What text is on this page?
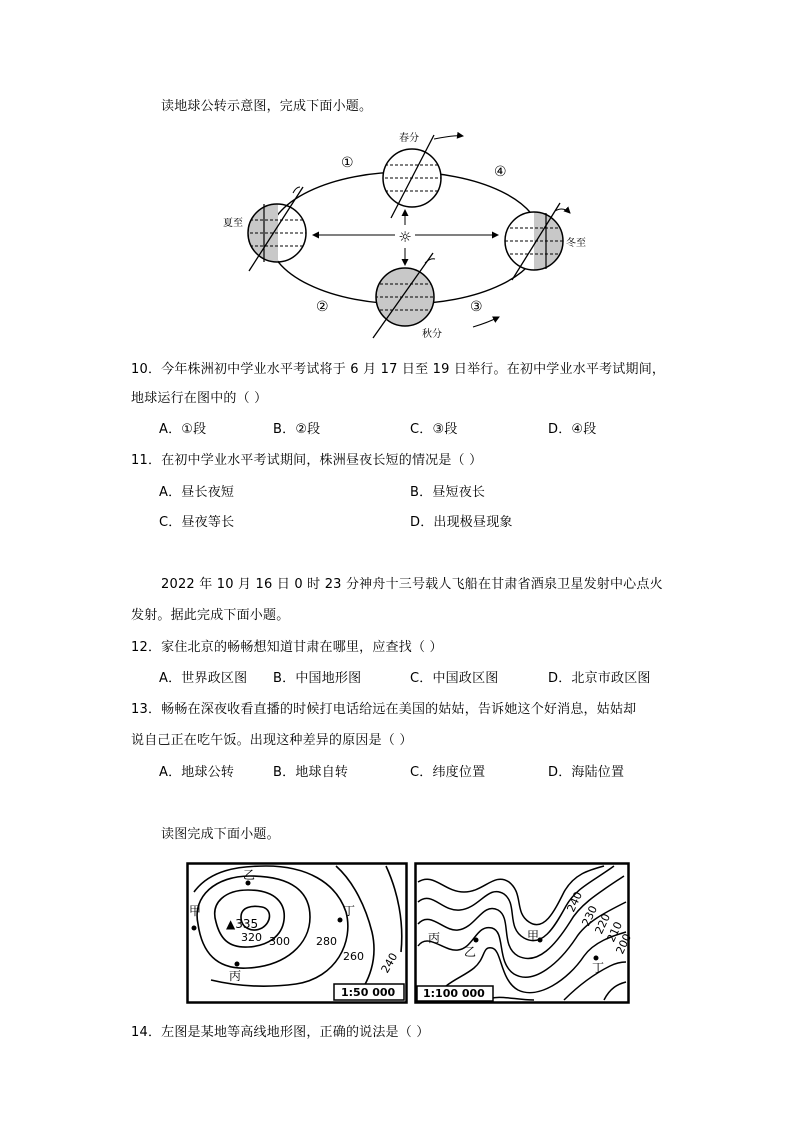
读地球公转示意图，完成下面小题。
☼
春分
夏至
秋分
冬至
①
②	③
④
10．今年株洲初中学业水平考试将于 6 月 17 日至 19 日举行。在初中学业水平考试期间，
地球运行在图中的（ ）
A．①段	B．②段	C．③段	D．④段
11．在初中学业水平考试期间，株洲昼夜长短的情况是（ ）
A．昼长夜短	B．昼短夜长
C．昼夜等长	D．出现极昼现象
2022 年 10 月 16 日 0 时 23 分神舟十三号载人飞船在甘肃省酒泉卫星发射中心点火
发射。据此完成下面小题。
12．家住北京的畅畅想知道甘肃在哪里，应查找（ ）
A．世界政区图 B．中国地形图	C．中国政区图	D．北京市政区图
13．畅畅在深夜收看直播的时候打电话给远在美国的姑姑，告诉她这个好消息，姑姑却
说自己正在吃午饭。出现这种差异的原因是（ ）
A．地球公转	B．地球自转	C．纬度位置	D．海陆位置
读图完成下面小题。
▲335
320 300 280
260 240
乙
甲
丙
丁
1:50 000
丙
乙
甲
丁
240
230
220
210
200
1:100 000
14．左图是某地等高线地形图，正确的说法是（ ）
